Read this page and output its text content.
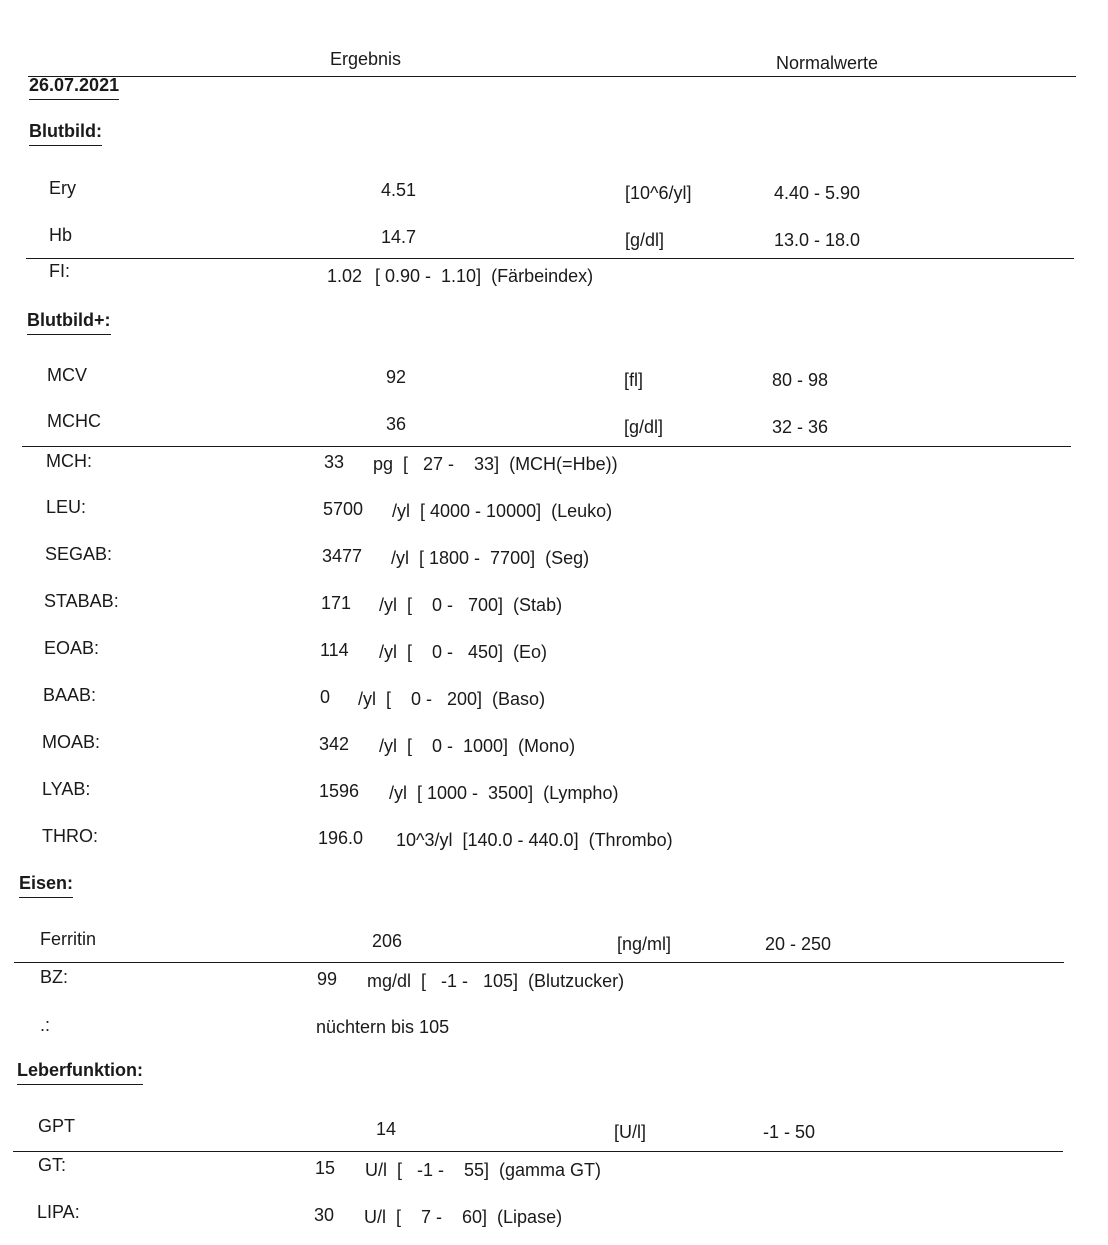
Ergebnis	Normalwerte
26.07.2021
Blutbild:
Ery	4.51	[10^6/yl]	4.40 - 5.90
Hb	14.7	[g/dl]	13.0 - 18.0
FI:	1.02 [ 0.90 -  1.10]  (Färbeindex)
Blutbild+:
MCV	92	[fl]	80 - 98
MCHC	36	[g/dl]	32 - 36
MCH:	33 pg  [   27 -    33]  (MCH(=Hbe))
LEU:	5700 /yl  [ 4000 - 10000]  (Leuko)
SEGAB:	3477 /yl  [ 1800 -  7700]  (Seg)
STABAB:	171 /yl  [    0 -   700]  (Stab)
EOAB:	114 /yl  [    0 -   450]  (Eo)
BAAB:	0 /yl  [    0 -   200]  (Baso)
MOAB:	342 /yl  [    0 -  1000]  (Mono)
LYAB:	1596 /yl  [ 1000 -  3500]  (Lympho)
THRO:	196.0 10^3/yl  [140.0 - 440.0]  (Thrombo)
Eisen:
Ferritin	206	[ng/ml]	20 - 250
BZ:	99 mg/dl  [   -1 -   105]  (Blutzucker)
.:	nüchtern bis 105
Leberfunktion:
GPT	14	[U/l]	-1 - 50
GT:	15 U/l  [   -1 -    55]  (gamma GT)
LIPA:	30 U/l  [    7 -    60]  (Lipase)
